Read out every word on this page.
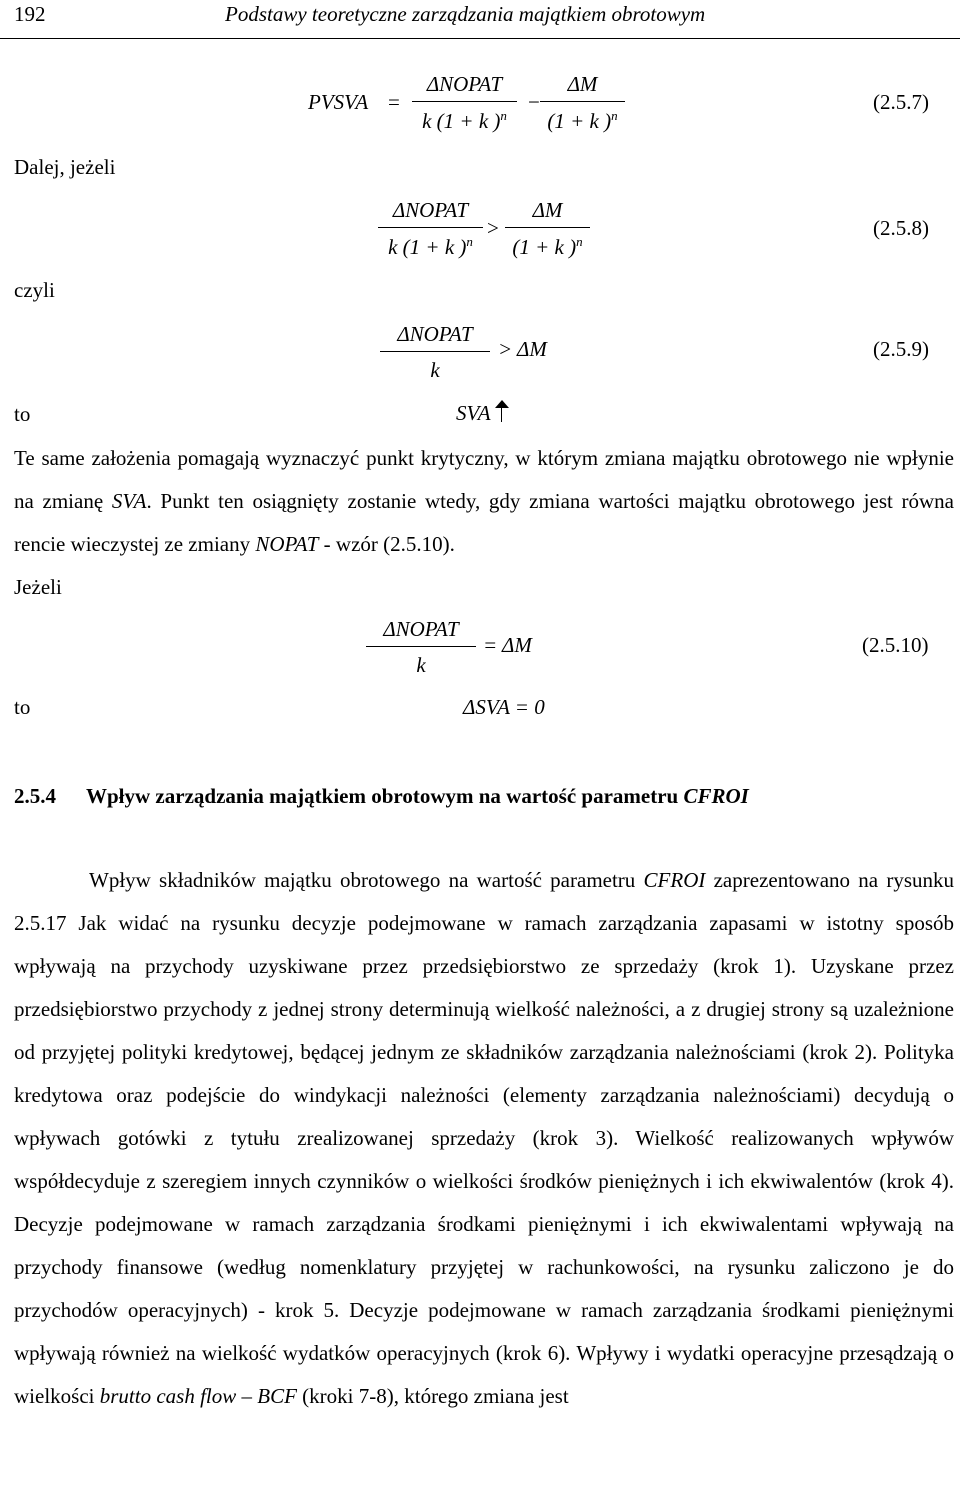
192	Podstawy teoretyczne zarządzania majątkiem obrotowym
PVSVA =
ΔNOPAT
k (1 + k )$^n$
−
ΔM
(1 + k )$^n$
(2.5.7)
Dalej, jeżeli
ΔNOPAT
k (1 + k )$^n$
>
ΔM
(1 + k )$^n$
(2.5.8)
czyli
ΔNOPAT
k
> ΔM	(2.5.9)
to	SVA

Te same założenia pomagają wyznaczyć punkt krytyczny, w którym zmiana majątku obrotowego nie wpłynie na zmianę SVA. Punkt ten osiągnięty zostanie wtedy, gdy zmiana wartości majątku obrotowego jest równa rencie wieczystej ze zmiany NOPAT - wzór (2.5.10).

Jeżeli
ΔNOPAT
k
= ΔM	(2.5.10)
to	ΔSVA = 0
2.5.4 Wpływ zarządzania majątkiem obrotowym na wartość parametru CFROI

Wpływ składników majątku obrotowego na wartość parametru CFROI zaprezentowano na rysunku 2.5.17 Jak widać na rysunku decyzje podejmowane w ramach zarządzania zapasami w istotny sposób wpływają na przychody uzyskiwane przez przedsiębiorstwo ze sprzedaży (krok 1). Uzyskane przez przedsiębiorstwo przychody z jednej strony determinują wielkość należności, a z drugiej strony są uzależnione od przyjętej polityki kredytowej, będącej jednym ze składników zarządzania należnościami (krok 2). Polityka kredytowa oraz podejście do windykacji należności (elementy zarządzania należnościami) decydują o wpływach gotówki z tytułu zrealizowanej sprzedaży (krok 3). Wielkość realizowanych wpływów współdecyduje z szeregiem innych czynników o wielkości środków pieniężnych i ich ekwiwalentów (krok 4). Decyzje podejmowane w ramach zarządzania środkami pieniężnymi i ich ekwiwalentami wpływają na przychody finansowe (według nomenklatury przyjętej w rachunkowości, na rysunku zaliczono je do przychodów operacyjnych) - krok 5. Decyzje podejmowane w ramach zarządzania środkami pieniężnymi wpływają również na wielkość wydatków operacyjnych (krok 6). Wpływy i wydatki operacyjne przesądzają o wielkości brutto cash flow – BCF (kroki 7-8), którego zmiana jest
